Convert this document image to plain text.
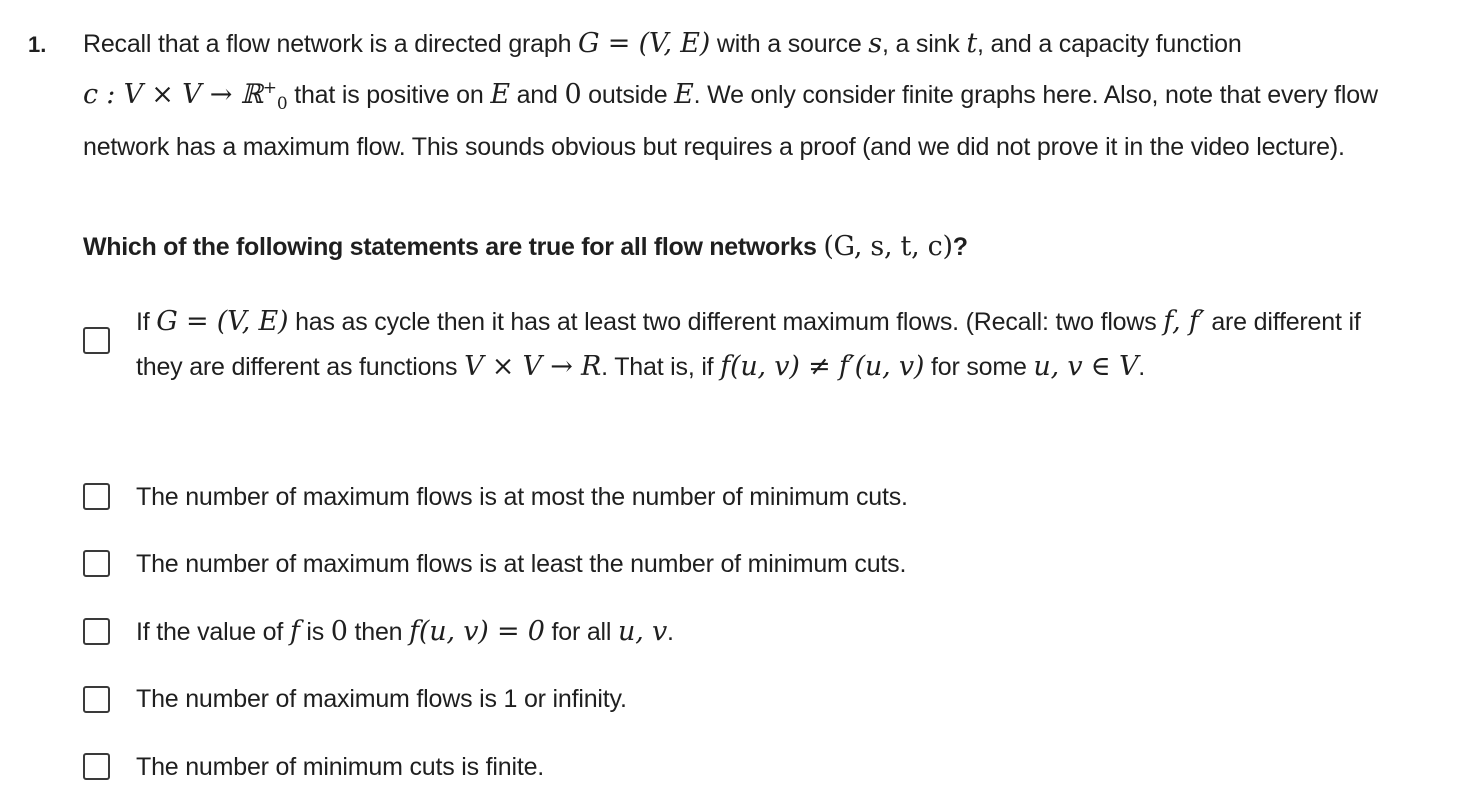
1. Recall that a flow network is a directed graph G = (V, E) with a source s, a sink t, and a capacity function
c : V × V → ℝ+$_0$ that is positive on E and 0 outside E. We only consider finite graphs here. Also, note that every flow network has a maximum flow. This sounds obvious but requires a proof (and we did not prove it in the video lecture).

Which of the following statements are true for all flow networks (G, s, t, c)?

If G = (V, E) has as cycle then it has at least two different maximum flows. (Recall: two flows f, f′ are different if they are different as functions V × V → R. That is, if f(u, v) ≠ f′(u, v) for some u, v ∈ V.

The number of maximum flows is at most the number of minimum cuts.

The number of maximum flows is at least the number of minimum cuts.

If the value of f is 0 then f(u, v) = 0 for all u, v.

The number of maximum flows is 1 or infinity.

The number of minimum cuts is finite.
